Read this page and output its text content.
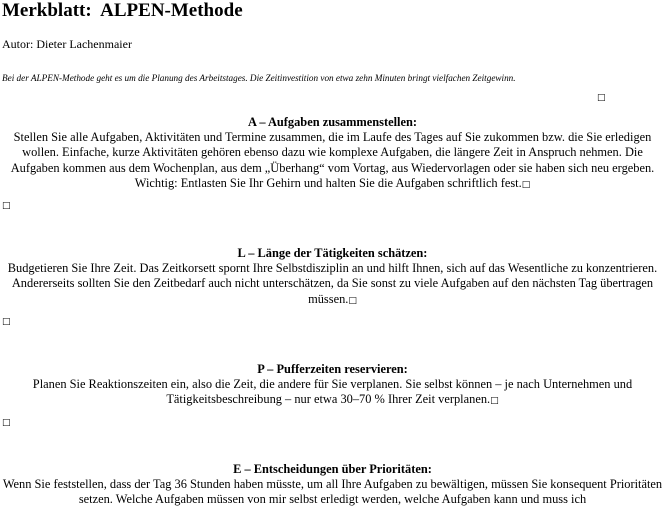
Merkblatt:  ALPEN-Methode
Autor: Dieter Lachenmaier
Bei der ALPEN-Methode geht es um die Planung des Arbeitstages. Die Zeitinvestition von etwa zehn Minuten bringt vielfachen Zeitgewinn.
□
A – Aufgaben zusammenstellen:
Stellen Sie alle Aufgaben, Aktivitäten und Termine zusammen, die im Laufe des Tages auf Sie zukommen bzw. die Sie erledigen wollen. Einfache, kurze Aktivitäten gehören ebenso dazu wie komplexe Aufgaben, die längere Zeit in Anspruch nehmen. Die Aufgaben kommen aus dem Wochenplan, aus dem „Überhang“ vom Vortag, aus Wiedervorlagen oder sie haben sich neu ergeben. Wichtig: Entlasten Sie Ihr Gehirn und halten Sie die Aufgaben schriftlich fest.□
□
L – Länge der Tätigkeiten schätzen:
Budgetieren Sie Ihre Zeit. Das Zeitkorsett spornt Ihre Selbstdisziplin an und hilft Ihnen, sich auf das Wesentliche zu konzentrieren. Andererseits sollten Sie den Zeitbedarf auch nicht unterschätzen, da Sie sonst zu viele Aufgaben auf den nächsten Tag übertragen müssen.□
□
P – Pufferzeiten reservieren:
Planen Sie Reaktionszeiten ein, also die Zeit, die andere für Sie verplanen. Sie selbst können – je nach Unternehmen und Tätigkeitsbeschreibung – nur etwa 30–70 % Ihrer Zeit verplanen.□
□
E – Entscheidungen über Prioritäten:
Wenn Sie feststellen, dass der Tag 36 Stunden haben müsste, um all Ihre Aufgaben zu bewältigen, müssen Sie konsequent Prioritäten setzen. Welche Aufgaben müssen von mir selbst erledigt werden, welche Aufgaben kann und muss ich
